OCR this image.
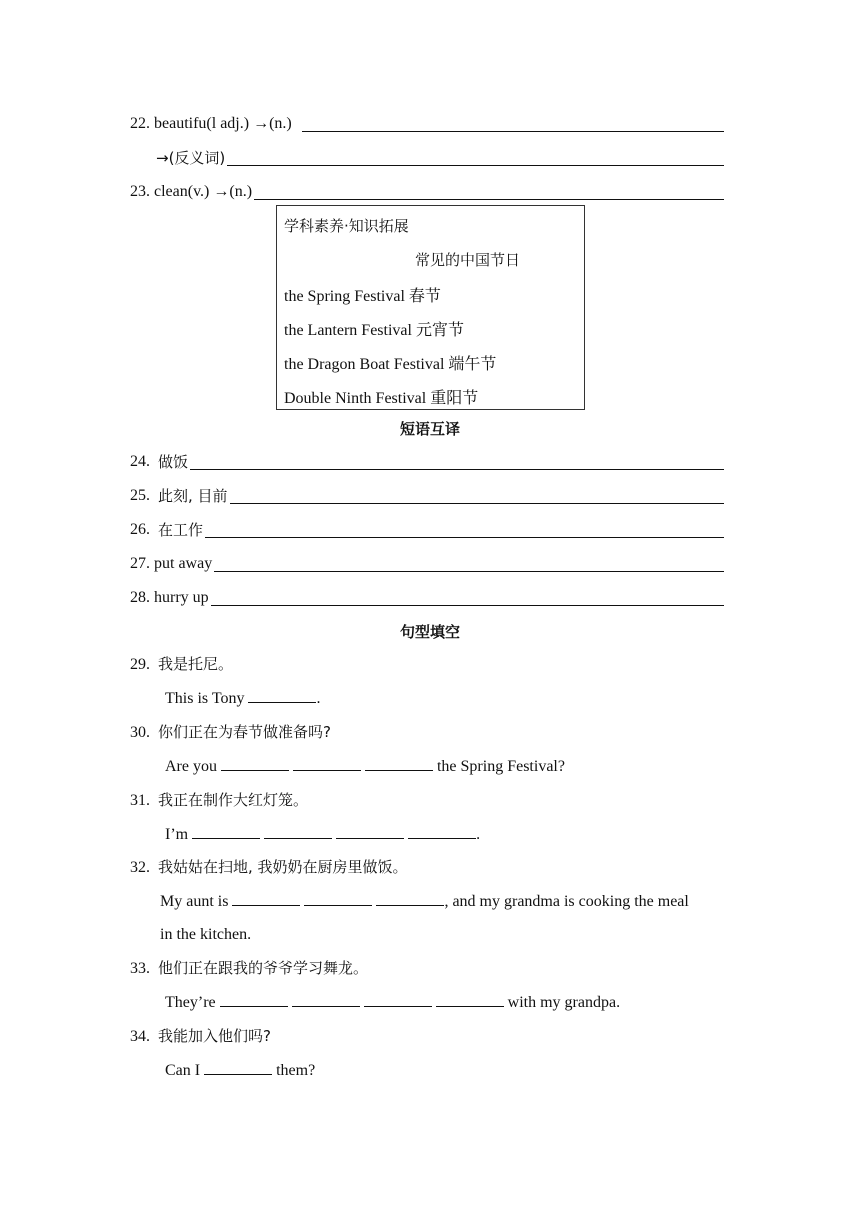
22.
beautifu(l adj.) →(n.)
→(反义词)
23.
clean(v.) →(n.)
学科素养·知识拓展
常见的中国节日
the Spring Festival 春节
the Lantern Festival 元宵节
the Dragon Boat Festival 端午节
Double Ninth Festival 重阳节
短语互译
24.
做饭
25.
此刻, 目前
26.
在工作
27.
put away
28.
hurry up
句型填空
29. 我是托尼。
This is Tony	.
30. 你们正在为春节做准备吗?
Are you	the Spring Festival?
31. 我正在制作大红灯笼。
I’m	.
32. 我姑姑在扫地, 我奶奶在厨房里做饭。
My aunt is	, and my grandma is cooking the meal
in the kitchen.
33. 他们正在跟我的爷爷学习舞龙。
They’re	with my grandpa.
34. 我能加入他们吗?
Can I	them?
